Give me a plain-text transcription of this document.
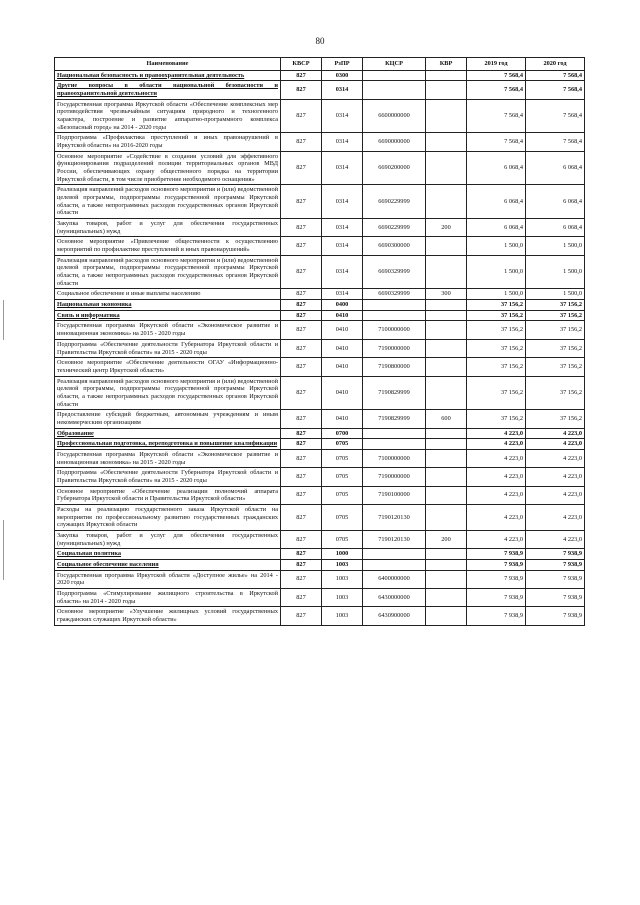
80
Наименование	КВСР	РзПР	КЦСР	КВР	2019 год	2020 год
Национальная безопасность и правоохранительная деятельность	827	0300			7 568,4	7 568,4
Другие вопросы в области национальной безопасности и правоохранительной деятельности	827	0314			7 568,4	7 568,4
Государственная программа Иркутской области «Обеспечение комплексных мер противодействия чрезвычайным ситуациям природного и техногенного характера, построение и развитие аппаратно-программного комплекса «Безопасный город» на 2014 - 2020 годы	827	0314	6600000000		7 568,4	7 568,4
Подпрограмма «Профилактика преступлений и иных правонарушений в Иркутской области» на 2016-2020 годы	827	0314	6690000000		7 568,4	7 568,4
Основное мероприятие «Содействие в создании условий для эффективного функционирования подразделений полиции территориальных органов МВД России, обеспечивающих охрану общественного порядка на территории Иркутской области, в том числе приобретение необходимого оснащения»	827	0314	6690200000		6 068,4	6 068,4
Реализация направлений расходов основного мероприятия и (или) ведомственной целевой программы, подпрограммы государственной программы Иркутской области, а также непрограммных расходов государственных органов Иркутской области	827	0314	6690229999		6 068,4	6 068,4
Закупка товаров, работ и услуг для обеспечения государственных (муниципальных) нужд	827	0314	6690229999	200	6 068,4	6 068,4
Основное мероприятие «Привлечение общественности к осуществлению мероприятий по профилактике преступлений и иных правонарушений»	827	0314	6690300000		1 500,0	1 500,0
Реализация направлений расходов основного мероприятия и (или) ведомственной целевой программы, подпрограммы государственной программы Иркутской области, а также непрограммных расходов государственных органов Иркутской области	827	0314	6690329999		1 500,0	1 500,0
Социальное обеспечение и иные выплаты населению	827	0314	6690329999	300	1 500,0	1 500,0
Национальная экономика	827	0400			37 156,2	37 156,2
Связь и информатика	827	0410			37 156,2	37 156,2
Государственная программа Иркутской области «Экономическое развитие и инновационная экономика» на 2015 - 2020 годы	827	0410	7100000000		37 156,2	37 156,2
Подпрограмма «Обеспечение деятельности Губернатора Иркутской области и Правительства Иркутской области» на 2015 - 2020 годы	827	0410	7190000000		37 156,2	37 156,2
Основное мероприятие «Обеспечение деятельности ОГАУ «Информационно-технический центр Иркутской области»	827	0410	7190800000		37 156,2	37 156,2
Реализация направлений расходов основного мероприятия и (или) ведомственной целевой программы, подпрограммы государственной программы Иркутской области, а также непрограммных расходов государственных органов Иркутской области	827	0410	7190829999		37 156,2	37 156,2
Предоставление субсидий бюджетным, автономным учреждениям и иным некоммерческим организациям	827	0410	7190829999	600	37 156,2	37 156,2
Образование	827	0700			4 223,0	4 223,0
Профессиональная подготовка, переподготовка и повышение квалификации	827	0705			4 223,0	4 223,0
Государственная программа Иркутской области «Экономическое развитие и инновационная экономика» на 2015 - 2020 годы	827	0705	7100000000		4 223,0	4 223,0
Подпрограмма «Обеспечение деятельности Губернатора Иркутской области и Правительства Иркутской области» на 2015 - 2020 годы	827	0705	7190000000		4 223,0	4 223,0
Основное мероприятие «Обеспечение реализации полномочий аппарата Губернатора Иркутской области и Правительства Иркутской области»	827	0705	7190100000		4 223,0	4 223,0
Расходы на реализацию государственного заказа Иркутской области на мероприятия по профессиональному развитию государственных гражданских служащих Иркутской области	827	0705	7190120130		4 223,0	4 223,0
Закупка товаров, работ и услуг для обеспечения государственных (муниципальных) нужд	827	0705	7190120130	200	4 223,0	4 223,0
Социальная политика	827	1000			7 938,9	7 938,9
Социальное обеспечение населения	827	1003			7 938,9	7 938,9
Государственная программа Иркутской области «Доступное жилье» на 2014 - 2020 годы	827	1003	6400000000		7 938,9	7 938,9
Подпрограмма «Стимулирование жилищного строительства в Иркутской области» на 2014 - 2020 годы	827	1003	6430000000		7 938,9	7 938,9
Основное мероприятие «Улучшение жилищных условий государственных гражданских служащих Иркутской области»	827	1003	6430900000		7 938,9	7 938,9
